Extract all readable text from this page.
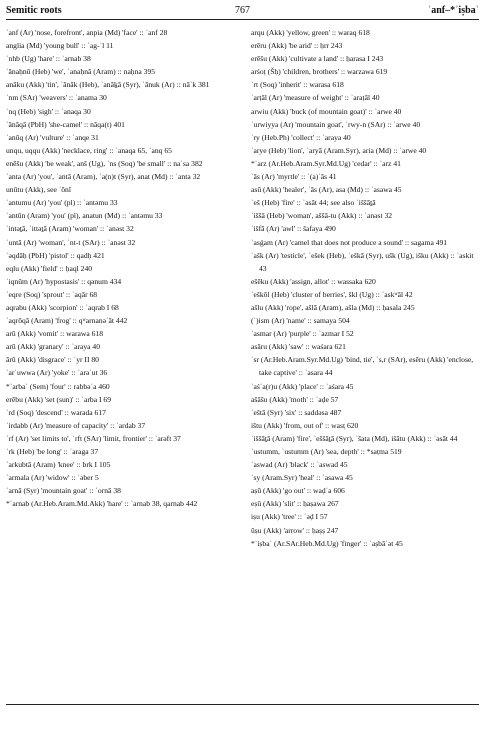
Semitic roots	767	ʾanf–*ʾiṣbaʿ

ʾanf (Ar) 'nose, forefront', anpia (Md) 'face' :: ʾanf 28

anglia (Md) 'young bull' :: ʾag-ʾl 11

ʾnhb (Ug) 'hare' :: ʾarnab 38

ʾănaḥnū (Heb) 'we', ʾanaḥnā (Aram) :: naḥna 395

anāku (Akk) 'tin', ʾănāk (Heb), ʾanāḵā (Syr), ʾānuk (Ar) :: nāʾk 381

ʾnm (SAr) 'weavers' :: ʾanama 30

ʾnq (Heb) 'sigh' :: ʾanaqa 30

ʾānāqā (PbH) 'she-camel' :: nāqa(t) 401

ʾanūq (Ar) 'vulture' :: ʾanqe 31

unqu, uqqu (Akk) 'necklace, ring' :: ʾanaqa 65, ʾanq 65

enēšu (Akk) 'be weak', anš (Ug), ʾns (Soq) 'be small' :: naʾsa 382

ʾanta (Ar) 'you', ʾantā (Aram), ʾa(n)t (Syr), anat (Md) :: ʾanta 32

unūtu (Akk), see ʾōnī

ʾantumu (Ar) 'you' (pl) :: ʾantəmu 33

ʾantūn (Aram) 'you' (pl), anatun (Md) :: ʾantəmu 33

ʾintəṯā, ʾittəṯā (Aram) 'woman' :: ʾanəst 32

ʾuntā (Ar) 'woman', ʾnt-t (SAr) :: ʾanəst 32

ʾəqdāḥ (PbH) 'pistol' :: qadḥ 421

eqlu (Akk) 'field' :: ḥaql 240

ʾiqnūm (Ar) 'hypostasis' :: qənum 434

ʾeqre (Soq) 'sprout' :: ʾaqār 68

aqrabu (Akk) 'scorpion' :: ʿaqrab I 68

ʾaqrōqā (Aram) 'frog' :: qʷarnanəʿāt 442

arū (Akk) 'vomit' :: warawa 618

arū (Akk) 'granary' :: ʾaraya 40

ārū (Akk) 'disgrace' :: ʿyr II 80

ʾarʿuwwa (Ar) 'yoke' :: ʾarəʿut 36

*ʾarbaʿ (Sem) 'four' :: rabbəʿa 460

erēbu (Akk) 'set (sun)' :: ʿarba I 69

ʾrd (Soq) 'descend' :: warada 617

ʾirdabb (Ar) 'measure of capacity' :: ʾardab 37

ʾrf (Ar) 'set limits to', ʾrft (SAr) 'limit, frontier' :: ʾarəft 37

ʾrk (Heb) 'be long' :: ʾaraga 37

ʾarkubtā (Aram) 'knee' :: brk I 105

ʾarmala (Ar) 'widow' :: ʾəber 5

ʾarnā (Syr) 'mountain goat' :: ʾornā 38

*ʾarnab (Ar.Heb.Aram.Md.Akk) 'hare' :: ʾarnab 38, qarnab 442

arqu (Akk) 'yellow, green' :: waraq 618

erēru (Akk) 'be arid' :: ḥrr 243

erēšu (Akk) 'cultivate a land' :: ḥarasa I 243

arśoṭ (Šḥ) 'children, brothers' :: warzawa 619

ʾrt (Soq) 'inherit' :: warasa 618

ʾarṭāl (Ar) 'measure of weight' :: ʾaraṭāl 40

arwiu (Akk) 'buck (of mountain goat)' :: ʾarwe 40

ʾurwiyya (Ar) 'mountain goat', ʾrwy-n (SAr) :: ʾarwe 40

ʾry (Heb.Ph) 'collect' :: ʾaraya 40

ʾarye (Heb) 'lion', ʾaryā (Aram.Syr), aria (Md) :: ʾarwe 40

*ʾarz (Ar.Heb.Aram.Syr.Md.Ug) 'cedar' :: ʾarz 41

ʾās (Ar) 'myrtle' :: ʾ(a)ʾās 41

asū (Akk) 'healer', ʾās (Ar), asa (Md) :: ʾasawa 45

ʾeš (Heb) 'fire' :: ʾəsāt 44; see also ʾiššāṯā

ʾiššā (Heb) 'woman', aššā-tu (Akk) :: ʾanəst 32

ʾišfā (Ar) 'awl' :: šafaya 490

ʾasǵam (Ar) 'camel that does not produce a sound' :: sagama 491

ʾašk (Ar) 'testicle', ʾešek (Heb), ʾeškā (Syr), ušk (Ug), išku (Akk) :: ʾaskit 43

ešēku (Akk) 'assign, allot' :: wassaka 620

ʾeškōl (Heb) 'cluster of berries', škl (Ug) :: ʾaskʷāl 42

ašlu (Akk) 'rope', ašlā (Aram), ašla (Md) :: ḥasala 245

(ʾ)ism (Ar) 'name' :: samaya 504

ʾasmar (Ar) 'purple' :: ʾazmar I 52

asāru (Akk) 'saw' :: waśara 621

ʾsr (Ar.Heb.Aram.Syr.Md.Ug) 'bind, tie', ʾs,r (SAr), esēru (Akk) 'enclose, take captive' :: ʾasara 44

ʾaśʿa(r)u (Akk) 'place' :: ʾaśara 45

ašāšu (Akk) 'moth' :: ʾaḍe 57

ʾeštā (Syr) 'six' :: saddəsa 487

ištu (Akk) 'from, out of' :: wasṭ 620

ʾiššāṯā (Aram) 'fire', ʾeššāṯā (Syr), ʾšata (Md), išātu (Akk) :: ʾəsāt 44

ʾustumm, ʾustumm (Ar) 'sea, depth' :: *saṭma 519

ʾaswad (Ar) 'black' :: ʾaswad 45

ʾsy (Aram.Syr) 'heal' :: ʾasawa 45

aṣū (Akk) 'go out' :: waḍʾa 606

eṣū (Akk) 'slit' :: ḥaṣawa 267

iṣu (Akk) 'tree' :: ʿəḍ I 57

ūṣu (Akk) 'arrow' :: ḥaṣṣ 247

*ʾiṣbaʿ (Ar.SAr.Heb.Md.Ug) 'finger' :: ʾaṣbāʿət 45
